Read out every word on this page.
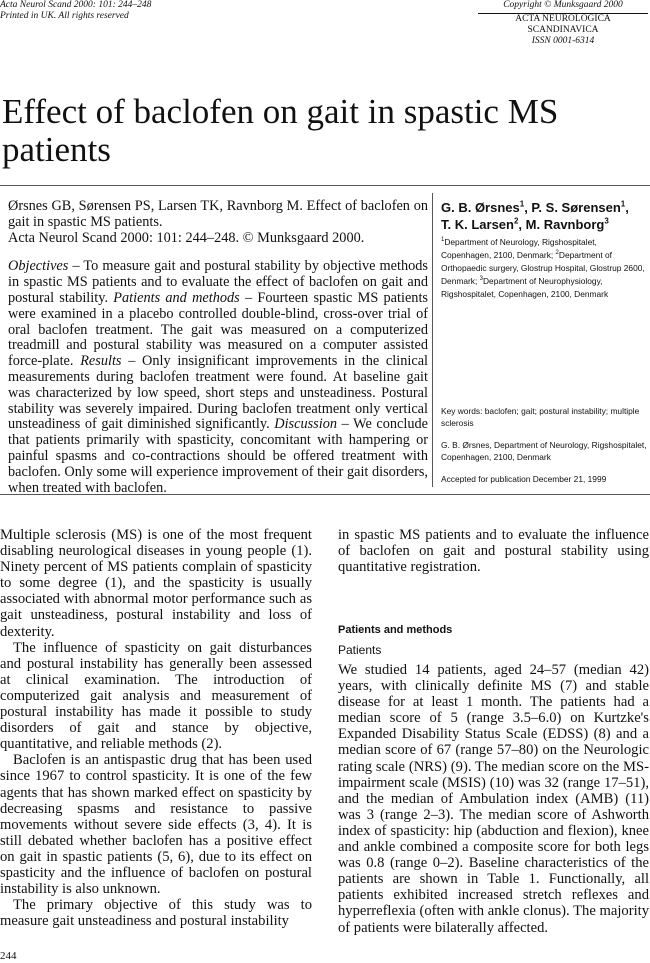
Acta Neurol Scand 2000: 101: 244–248
Printed in UK. All rights reserved
Copyright © Munksgaard 2000
ACTA NEUROLOGICA
SCANDINAVICA
ISSN 0001-6314
Effect of baclofen on gait in spastic MS patients

Ørsnes GB, Sørensen PS, Larsen TK, Ravnborg M. Effect of baclofen on gait in spastic MS patients.
Acta Neurol Scand 2000: 101: 244–248. © Munksgaard 2000.

Objectives – To measure gait and postural stability by objective methods in spastic MS patients and to evaluate the effect of baclofen on gait and postural stability. Patients and methods – Fourteen spastic MS patients were examined in a placebo controlled double-blind, cross-over trial of oral baclofen treatment. The gait was measured on a computerized treadmill and postural stability was measured on a computer assisted force-plate. Results – Only insignificant improvements in the clinical measurements during baclofen treatment were found. At baseline gait was characterized by low speed, short steps and unsteadiness. Postural stability was severely impaired. During baclofen treatment only vertical unsteadiness of gait diminished significantly. Discussion – We conclude that patients primarily with spasticity, concomitant with hampering or painful spasms and co-contractions should be offered treatment with baclofen. Only some will experience improvement of their gait disorders, when treated with baclofen.

G. B. Ørsnes$^1$, P. S. Sørensen$^1$,
T. K. Larsen$^2$, M. Ravnborg$^3$
$^1$Department of Neurology, Rigshospitalet, Copenhagen, 2100, Denmark; $^2$Department of Orthopaedic surgery, Glostrup Hospital, Glostrup 2600, Denmark; $^3$Department of Neurophysiology, Rigshospitalet, Copenhagen, 2100, Denmark
Key words: baclofen; gait; postural instability; multiple sclerosis
G. B. Ørsnes, Department of Neurology, Rigshospitalet, Copenhagen, 2100, Denmark
Accepted for publication December 21, 1999

Multiple sclerosis (MS) is one of the most frequent disabling neurological diseases in young people (1). Ninety percent of MS patients complain of spasticity to some degree (1), and the spasticity is usually associated with abnormal motor performance such as gait unsteadiness, postural instability and loss of dexterity.

The influence of spasticity on gait disturbances and postural instability has generally been assessed at clinical examination. The introduction of computerized gait analysis and measurement of postural instability has made it possible to study disorders of gait and stance by objective, quantitative, and reliable methods (2).

Baclofen is an antispastic drug that has been used since 1967 to control spasticity. It is one of the few agents that has shown marked effect on spasticity by decreasing spasms and resistance to passive movements without severe side effects (3, 4). It is still debated whether baclofen has a positive effect on gait in spastic patients (5, 6), due to its effect on spasticity and the influence of baclofen on postural instability is also unknown.

The primary objective of this study was to measure gait unsteadiness and postural instability

in spastic MS patients and to evaluate the influence of baclofen on gait and postural stability using quantitative registration.

Patients and methods
Patients

We studied 14 patients, aged 24–57 (median 42) years, with clinically definite MS (7) and stable disease for at least 1 month. The patients had a median score of 5 (range 3.5–6.0) on Kurtzke's Expanded Disability Status Scale (EDSS) (8) and a median score of 67 (range 57–80) on the Neurologic rating scale (NRS) (9). The median score on the MS-impairment scale (MSIS) (10) was 32 (range 17–51), and the median of Ambulation index (AMB) (11) was 3 (range 2–3). The median score of Ashworth index of spasticity: hip (abduction and flexion), knee and ankle combined a composite score for both legs was 0.8 (range 0–2). Baseline characteristics of the patients are shown in Table 1. Functionally, all patients exhibited increased stretch reflexes and hyperreflexia (often with ankle clonus). The majority of patients were bilaterally affected.

244
